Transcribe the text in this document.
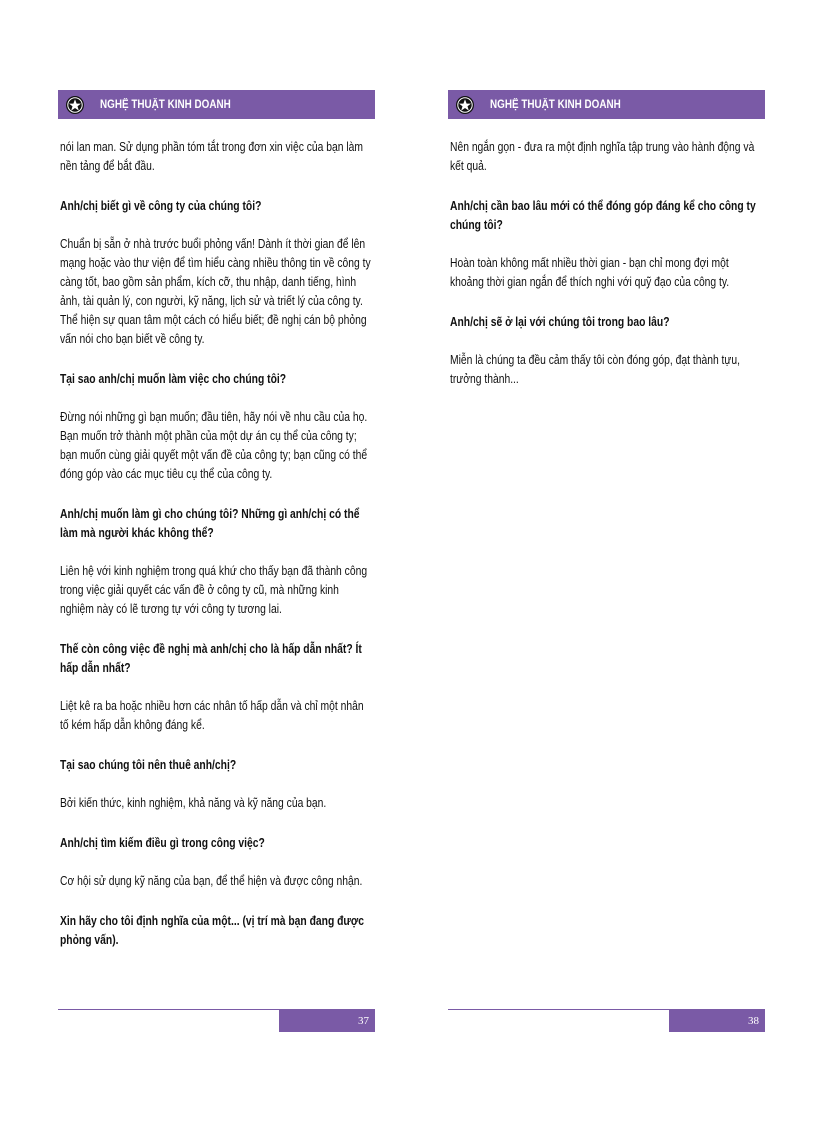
NGHỆ THUẬT KINH DOANH

nói lan man. Sử dụng phần tóm tắt trong đơn xin việc của bạn làm nền tảng để bắt đầu.

Anh/chị biết gì về công ty của chúng tôi?

Chuẩn bị sẵn ở nhà trước buổi phỏng vấn! Dành ít thời gian để lên mạng hoặc vào thư viện để tìm hiểu càng nhiều thông tin về công ty càng tốt, bao gồm sản phẩm, kích cỡ, thu nhập, danh tiếng, hình ảnh, tài quản lý, con người, kỹ năng, lịch sử và triết lý của công ty. Thể hiện sự quan tâm một cách có hiểu biết; đề nghị cán bộ phỏng vấn nói cho bạn biết về công ty.

Tại sao anh/chị muốn làm việc cho chúng tôi?

Đừng nói những gì bạn muốn; đầu tiên, hãy nói về nhu cầu của họ. Bạn muốn trở thành một phần của một dự án cụ thể của công ty; bạn muốn cùng giải quyết một vấn đề của công ty; bạn cũng có thể đóng góp vào các mục tiêu cụ thể của công ty.

Anh/chị muốn làm gì cho chúng tôi? Những gì anh/chị có thể làm mà người khác không thể?

Liên hệ với kinh nghiệm trong quá khứ cho thấy bạn đã thành công trong việc giải quyết các vấn đề ở công ty cũ, mà những kinh nghiệm này có lẽ tương tự với công ty tương lai.

Thế còn công việc đề nghị mà anh/chị cho là hấp dẫn nhất? Ít hấp dẫn nhất?

Liệt kê ra ba hoặc nhiều hơn các nhân tố hấp dẫn và chỉ một nhân tố kém hấp dẫn không đáng kể.

Tại sao chúng tôi nên thuê anh/chị?

Bởi kiến thức, kinh nghiệm, khả năng và kỹ năng của bạn.

Anh/chị tìm kiếm điều gì trong công việc?

Cơ hội sử dụng kỹ năng của bạn, để thể hiện và được công nhận.

Xin hãy cho tôi định nghĩa của một... (vị trí mà bạn đang được phỏng vấn).
37
NGHỆ THUẬT KINH DOANH

Nên ngắn gọn - đưa ra một định nghĩa tập trung vào hành động và kết quả.

Anh/chị cần bao lâu mới có thể đóng góp đáng kể cho công ty chúng tôi?

Hoàn toàn không mất nhiều thời gian - bạn chỉ mong đợi một khoảng thời gian ngắn để thích nghi với quỹ đạo của công ty.

Anh/chị sẽ ở lại với chúng tôi trong bao lâu?

Miễn là chúng ta đều cảm thấy tôi còn đóng góp, đạt thành tựu, trưởng thành...

38
